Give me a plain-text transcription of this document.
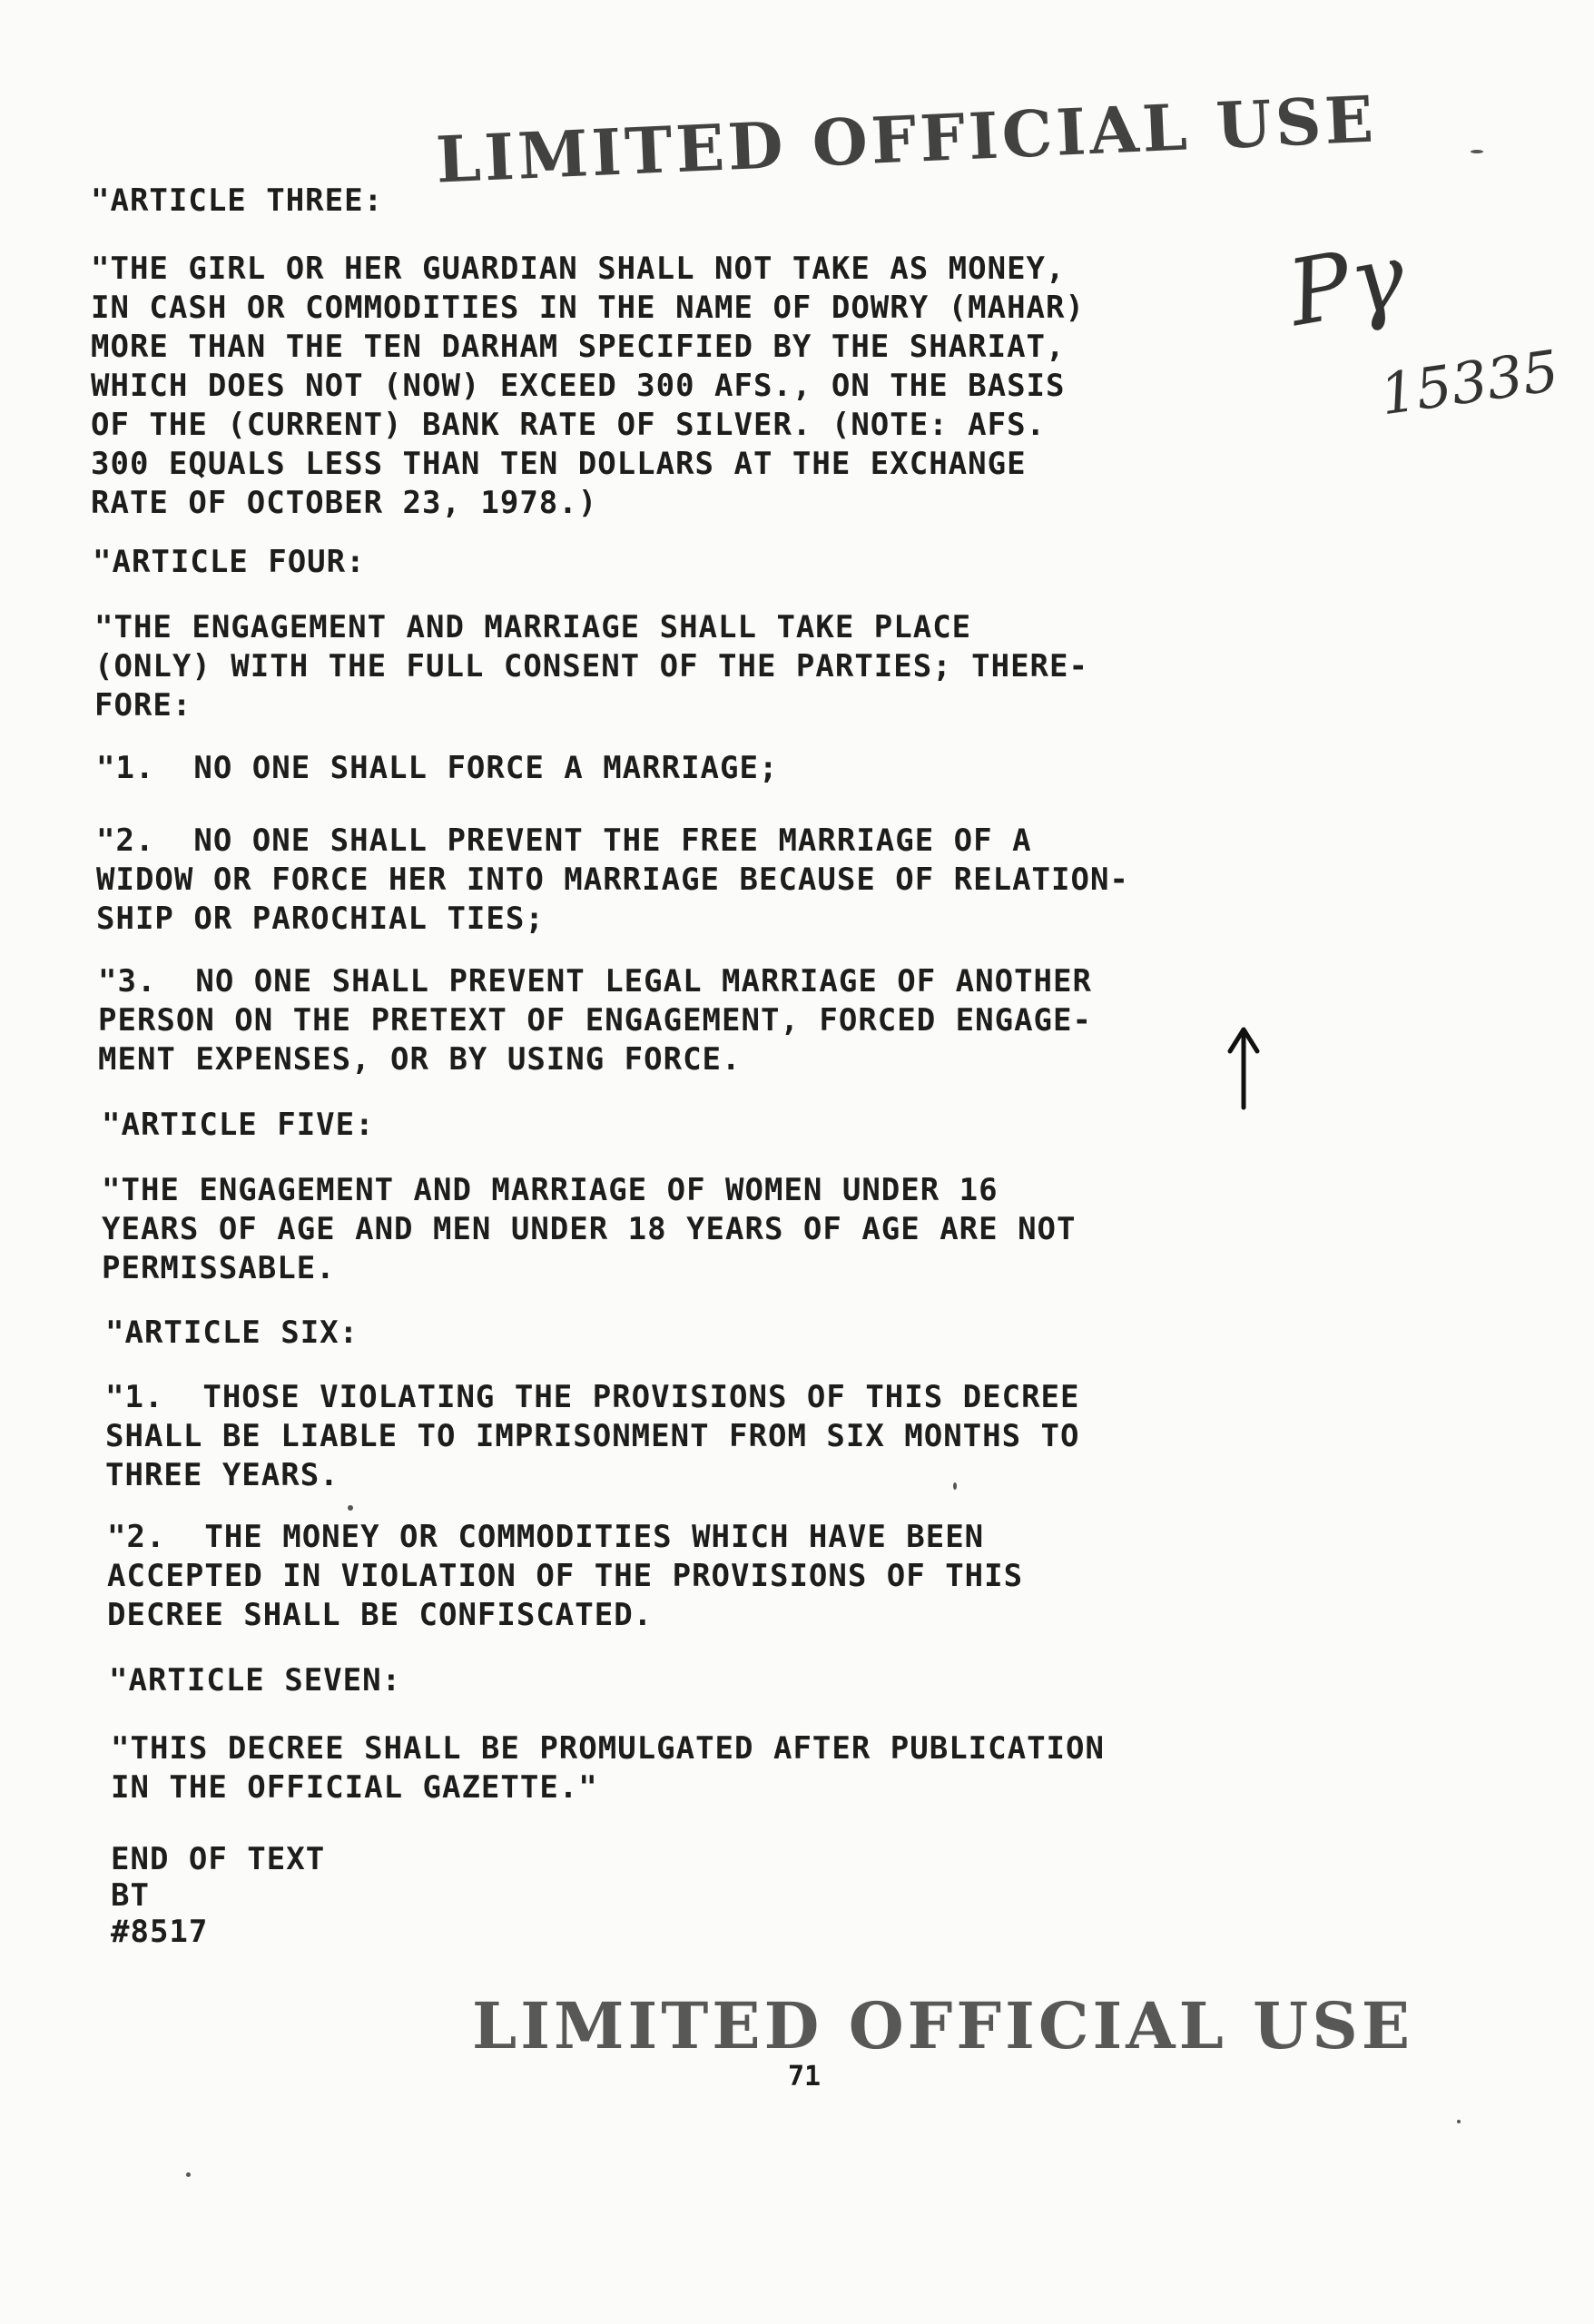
LIMITED OFFICIAL USE
Pγ
15335
"ARTICLE THREE:
"THE GIRL OR HER GUARDIAN SHALL NOT TAKE AS MONEY,
IN CASH OR COMMODITIES IN THE NAME OF DOWRY (MAHAR)
MORE THAN THE TEN DARHAM SPECIFIED BY THE SHARIAT,
WHICH DOES NOT (NOW) EXCEED 300 AFS., ON THE BASIS
OF THE (CURRENT) BANK RATE OF SILVER. (NOTE: AFS.
300 EQUALS LESS THAN TEN DOLLARS AT THE EXCHANGE
RATE OF OCTOBER 23, 1978.)
"ARTICLE FOUR:
"THE ENGAGEMENT AND MARRIAGE SHALL TAKE PLACE
(ONLY) WITH THE FULL CONSENT OF THE PARTIES; THERE-
FORE:
"1.  NO ONE SHALL FORCE A MARRIAGE;
"2.  NO ONE SHALL PREVENT THE FREE MARRIAGE OF A
WIDOW OR FORCE HER INTO MARRIAGE BECAUSE OF RELATION-
SHIP OR PAROCHIAL TIES;
"3.  NO ONE SHALL PREVENT LEGAL MARRIAGE OF ANOTHER
PERSON ON THE PRETEXT OF ENGAGEMENT, FORCED ENGAGE-
MENT EXPENSES, OR BY USING FORCE.
"ARTICLE FIVE:
"THE ENGAGEMENT AND MARRIAGE OF WOMEN UNDER 16
YEARS OF AGE AND MEN UNDER 18 YEARS OF AGE ARE NOT
PERMISSABLE.
"ARTICLE SIX:
"1.  THOSE VIOLATING THE PROVISIONS OF THIS DECREE
SHALL BE LIABLE TO IMPRISONMENT FROM SIX MONTHS TO
THREE YEARS.
"2.  THE MONEY OR COMMODITIES WHICH HAVE BEEN
ACCEPTED IN VIOLATION OF THE PROVISIONS OF THIS
DECREE SHALL BE CONFISCATED.
"ARTICLE SEVEN:
"THIS DECREE SHALL BE PROMULGATED AFTER PUBLICATION
IN THE OFFICIAL GAZETTE."
END OF TEXT
BT
#8517
LIMITED OFFICIAL USE
71
